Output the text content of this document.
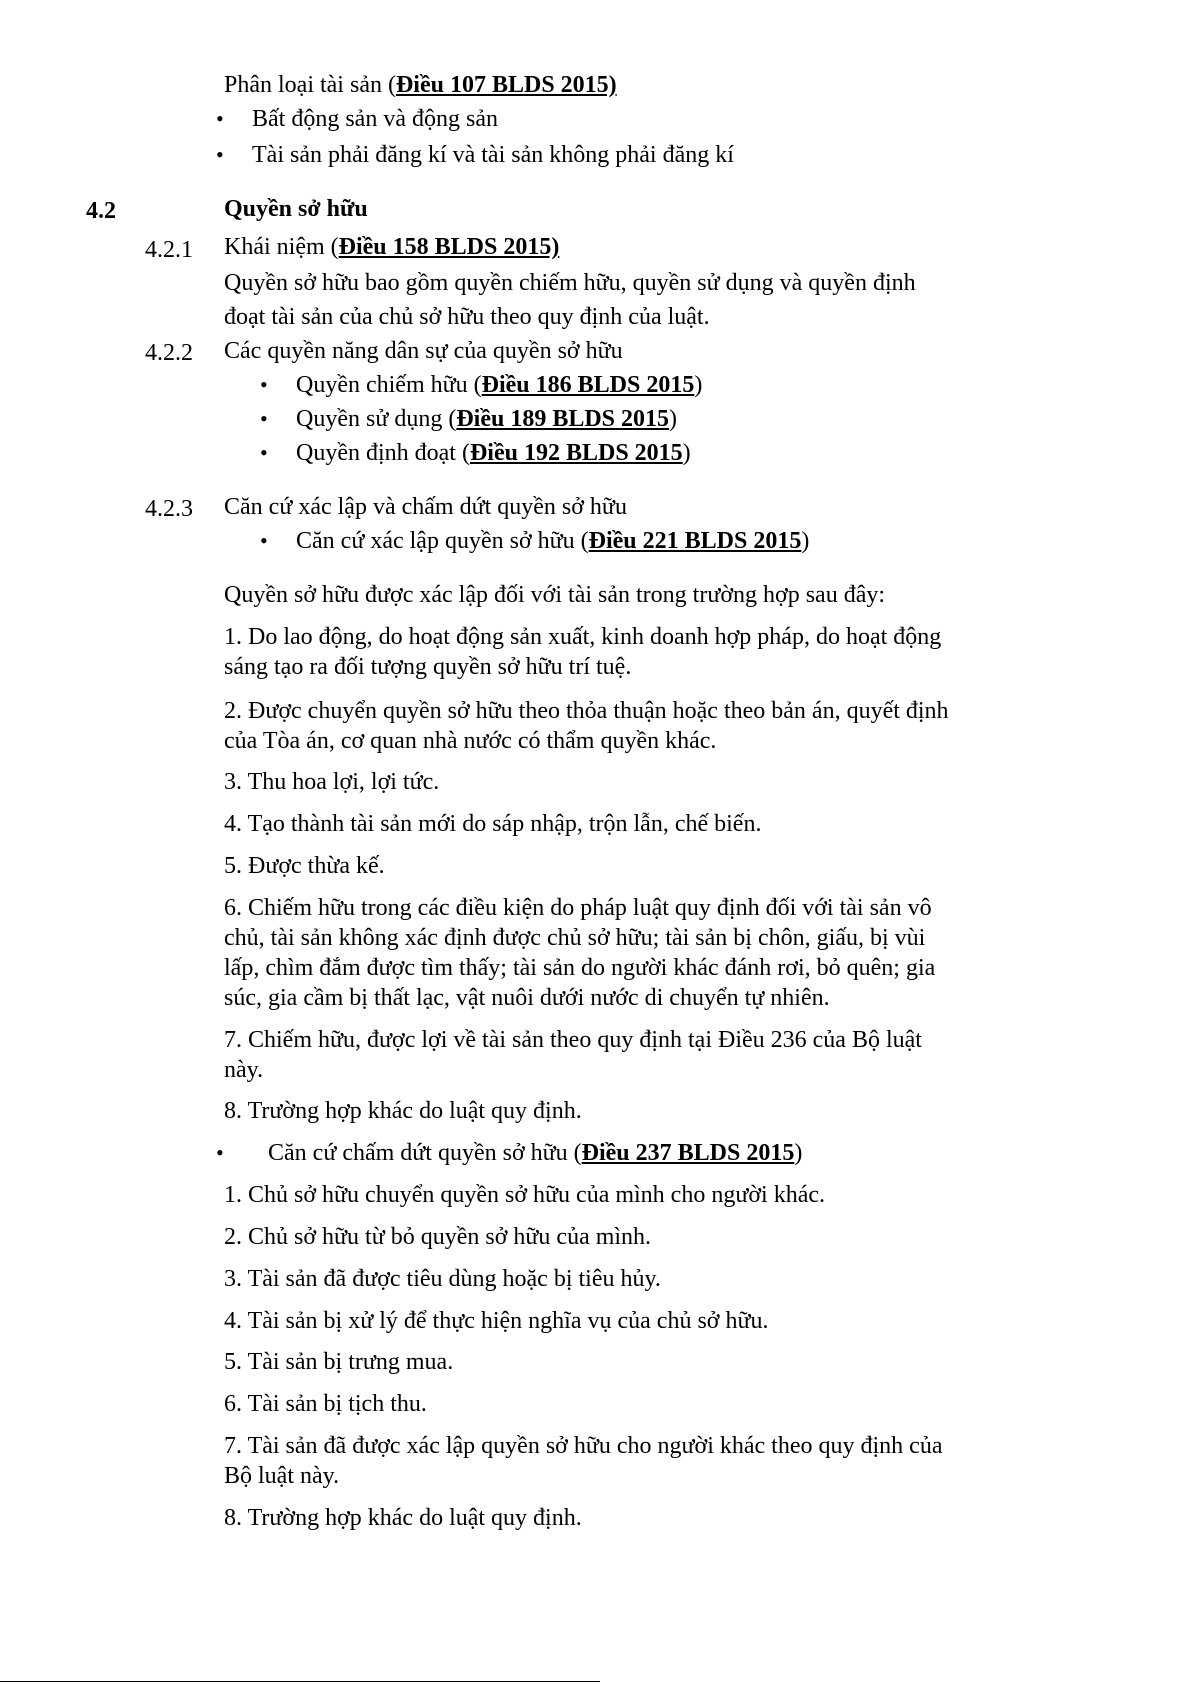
Phân loại tài sản (Điều 107 BLDS 2015)
• Bất động sản và động sản
• Tài sản phải đăng kí và tài sản không phải đăng kí
4.2	Quyền sở hữu
4.2.1 Khái niệm (Điều 158 BLDS 2015)
Quyền sở hữu bao gồm quyền chiếm hữu, quyền sử dụng và quyền định
đoạt tài sản của chủ sở hữu theo quy định của luật.
4.2.2 Các quyền năng dân sự của quyền sở hữu
• Quyền chiếm hữu (Điều 186 BLDS 2015)
• Quyền sử dụng (Điều 189 BLDS 2015)
• Quyền định đoạt (Điều 192 BLDS 2015)
4.2.3 Căn cứ xác lập và chấm dứt quyền sở hữu
• Căn cứ xác lập quyền sở hữu (Điều 221 BLDS 2015)
Quyền sở hữu được xác lập đối với tài sản trong trường hợp sau đây:
1. Do lao động, do hoạt động sản xuất, kinh doanh hợp pháp, do hoạt động
sáng tạo ra đối tượng quyền sở hữu trí tuệ.
2. Được chuyển quyền sở hữu theo thỏa thuận hoặc theo bản án, quyết định
của Tòa án, cơ quan nhà nước có thẩm quyền khác.
3. Thu hoa lợi, lợi tức.
4. Tạo thành tài sản mới do sáp nhập, trộn lẫn, chế biến.
5. Được thừa kế.
6. Chiếm hữu trong các điều kiện do pháp luật quy định đối với tài sản vô
chủ, tài sản không xác định được chủ sở hữu; tài sản bị chôn, giấu, bị vùi
lấp, chìm đắm được tìm thấy; tài sản do người khác đánh rơi, bỏ quên; gia
súc, gia cầm bị thất lạc, vật nuôi dưới nước di chuyển tự nhiên.
7. Chiếm hữu, được lợi về tài sản theo quy định tại Điều 236 của Bộ luật
này.
8. Trường hợp khác do luật quy định.
• Căn cứ chấm dứt quyền sở hữu (Điều 237 BLDS 2015)
1. Chủ sở hữu chuyển quyền sở hữu của mình cho người khác.
2. Chủ sở hữu từ bỏ quyền sở hữu của mình.
3. Tài sản đã được tiêu dùng hoặc bị tiêu hủy.
4. Tài sản bị xử lý để thực hiện nghĩa vụ của chủ sở hữu.
5. Tài sản bị trưng mua.
6. Tài sản bị tịch thu.
7. Tài sản đã được xác lập quyền sở hữu cho người khác theo quy định của
Bộ luật này.
8. Trường hợp khác do luật quy định.
